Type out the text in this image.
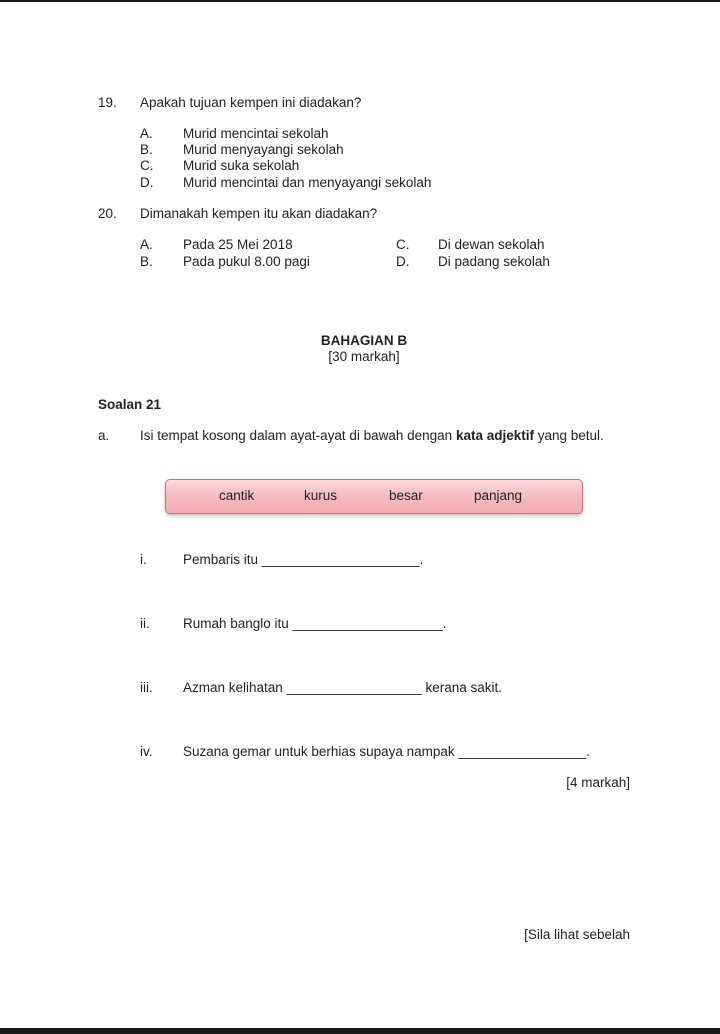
19. Apakah tujuan kempen ini diadakan?
A. Murid mencintai sekolah
B. Murid menyayangi sekolah
C. Murid suka sekolah
D. Murid mencintai dan menyayangi sekolah
20. Dimanakah kempen itu akan diadakan?
A. Pada 25 Mei 2018
B. Pada pukul 8.00 pagi
C. Di dewan sekolah
D. Di padang sekolah
BAHAGIAN B
[30 markah]
Soalan 21
a. Isi tempat kosong dalam ayat-ayat di bawah dengan kata adjektif yang betul.
cantik	kurus	besar	panjang
i.	Pembaris itu _____________________.
ii. Rumah banglo itu ____________________.
iii. Azman kelihatan __________________ kerana sakit.
iv. Suzana gemar untuk berhias supaya nampak _________________.
[4 markah]
[Sila lihat sebelah
